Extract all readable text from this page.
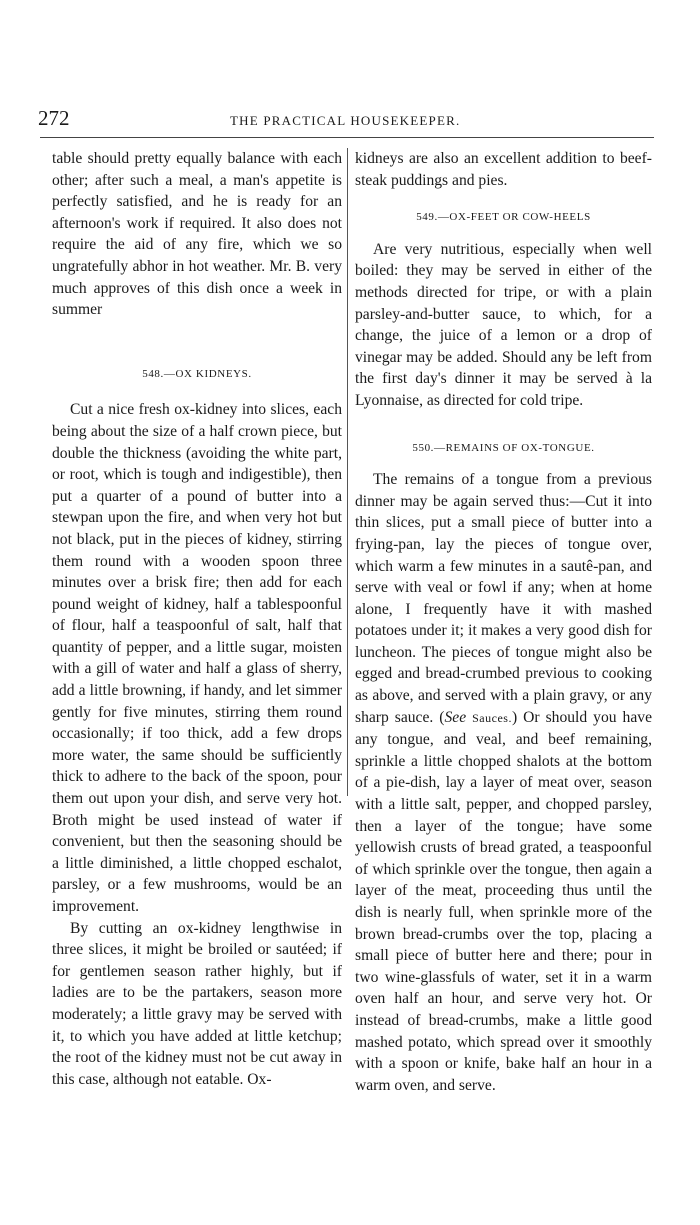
272	THE PRACTICAL HOUSEKEEPER.

table should pretty equally balance with each other; after such a meal, a man's appetite is perfectly satisfied, and he is ready for an afternoon's work if required. It also does not require the aid of any fire, which we so ungratefully abhor in hot weather. Mr. B. very much approves of this dish once a week in summer

548.—OX KIDNEYS.

Cut a nice fresh ox-kidney into slices, each being about the size of a half crown piece, but double the thickness (avoiding the white part, or root, which is tough and indigestible), then put a quarter of a pound of butter into a stewpan upon the fire, and when very hot but not black, put in the pieces of kidney, stirring them round with a wooden spoon three minutes over a brisk fire; then add for each pound weight of kidney, half a tablespoonful of flour, half a teaspoonful of salt, half that quantity of pepper, and a little sugar, moisten with a gill of water and half a glass of sherry, add a little browning, if handy, and let simmer gently for five minutes, stirring them round occasionally; if too thick, add a few drops more water, the same should be sufficiently thick to adhere to the back of the spoon, pour them out upon your dish, and serve very hot. Broth might be used instead of water if convenient, but then the seasoning should be a little diminished, a little chopped eschalot, parsley, or a few mushrooms, would be an improvement.

By cutting an ox-kidney lengthwise in three slices, it might be broiled or sautéed; if for gentlemen season rather highly, but if ladies are to be the partakers, season more moderately; a little gravy may be served with it, to which you have added at little ketchup; the root of the kidney must not be cut away in this case, although not eatable. Ox-

kidneys are also an excellent addition to beef-steak puddings and pies.

549.—OX-FEET OR COW-HEELS

Are very nutritious, especially when well boiled: they may be served in either of the methods directed for tripe, or with a plain parsley-and-butter sauce, to which, for a change, the juice of a lemon or a drop of vinegar may be added. Should any be left from the first day's dinner it may be served à la Lyonnaise, as directed for cold tripe.

550.—REMAINS OF OX-TONGUE.

The remains of a tongue from a previous dinner may be again served thus:—Cut it into thin slices, put a small piece of butter into a frying-pan, lay the pieces of tongue over, which warm a few minutes in a sautê-pan, and serve with veal or fowl if any; when at home alone, I frequently have it with mashed potatoes under it; it makes a very good dish for luncheon. The pieces of tongue might also be egged and bread-crumbed previous to cooking as above, and served with a plain gravy, or any sharp sauce. (See Sauces.) Or should you have any tongue, and veal, and beef remaining, sprinkle a little chopped shalots at the bottom of a pie-dish, lay a layer of meat over, season with a little salt, pepper, and chopped parsley, then a layer of the tongue; have some yellowish crusts of bread grated, a teaspoonful of which sprinkle over the tongue, then again a layer of the meat, proceeding thus until the dish is nearly full, when sprinkle more of the brown bread-crumbs over the top, placing a small piece of butter here and there; pour in two wine-glassfuls of water, set it in a warm oven half an hour, and serve very hot. Or instead of bread-crumbs, make a little good mashed potato, which spread over it smoothly with a spoon or knife, bake half an hour in a warm oven, and serve.
